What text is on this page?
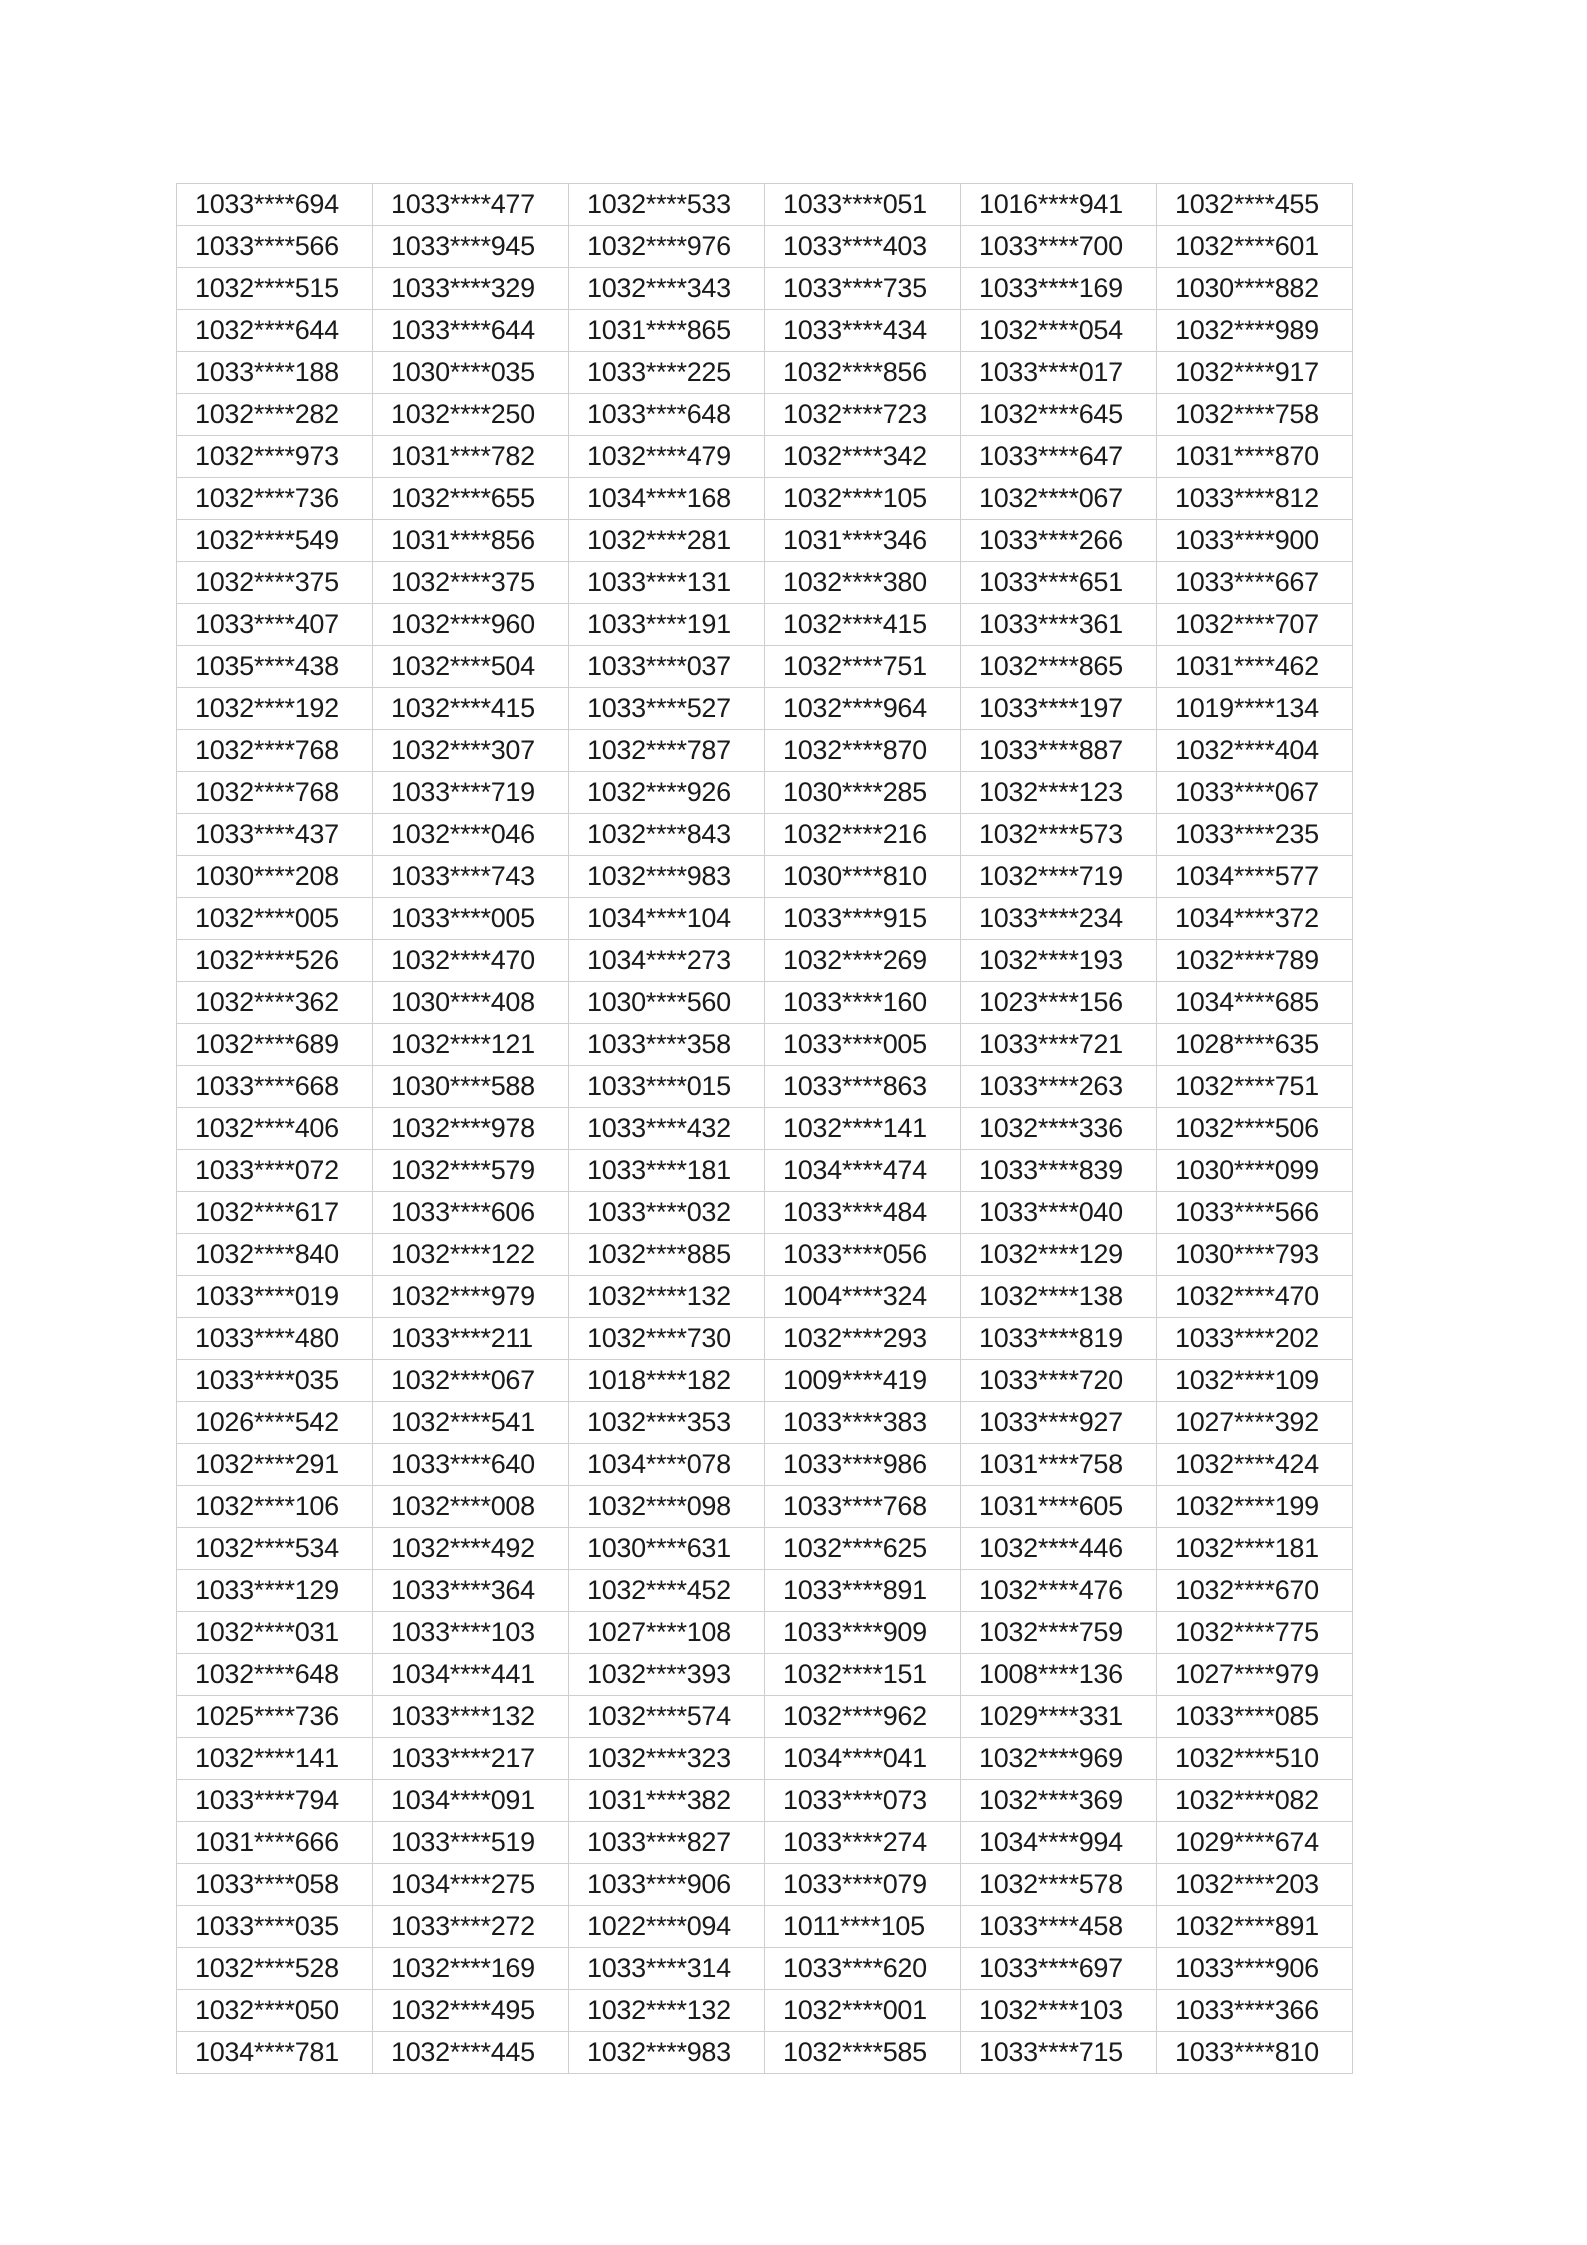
1033****694	1033****477	1032****533	1033****051	1016****941	1032****455
1033****566	1033****945	1032****976	1033****403	1033****700	1032****601
1032****515	1033****329	1032****343	1033****735	1033****169	1030****882
1032****644	1033****644	1031****865	1033****434	1032****054	1032****989
1033****188	1030****035	1033****225	1032****856	1033****017	1032****917
1032****282	1032****250	1033****648	1032****723	1032****645	1032****758
1032****973	1031****782	1032****479	1032****342	1033****647	1031****870
1032****736	1032****655	1034****168	1032****105	1032****067	1033****812
1032****549	1031****856	1032****281	1031****346	1033****266	1033****900
1032****375	1032****375	1033****131	1032****380	1033****651	1033****667
1033****407	1032****960	1033****191	1032****415	1033****361	1032****707
1035****438	1032****504	1033****037	1032****751	1032****865	1031****462
1032****192	1032****415	1033****527	1032****964	1033****197	1019****134
1032****768	1032****307	1032****787	1032****870	1033****887	1032****404
1032****768	1033****719	1032****926	1030****285	1032****123	1033****067
1033****437	1032****046	1032****843	1032****216	1032****573	1033****235
1030****208	1033****743	1032****983	1030****810	1032****719	1034****577
1032****005	1033****005	1034****104	1033****915	1033****234	1034****372
1032****526	1032****470	1034****273	1032****269	1032****193	1032****789
1032****362	1030****408	1030****560	1033****160	1023****156	1034****685
1032****689	1032****121	1033****358	1033****005	1033****721	1028****635
1033****668	1030****588	1033****015	1033****863	1033****263	1032****751
1032****406	1032****978	1033****432	1032****141	1032****336	1032****506
1033****072	1032****579	1033****181	1034****474	1033****839	1030****099
1032****617	1033****606	1033****032	1033****484	1033****040	1033****566
1032****840	1032****122	1032****885	1033****056	1032****129	1030****793
1033****019	1032****979	1032****132	1004****324	1032****138	1032****470
1033****480	1033****211	1032****730	1032****293	1033****819	1033****202
1033****035	1032****067	1018****182	1009****419	1033****720	1032****109
1026****542	1032****541	1032****353	1033****383	1033****927	1027****392
1032****291	1033****640	1034****078	1033****986	1031****758	1032****424
1032****106	1032****008	1032****098	1033****768	1031****605	1032****199
1032****534	1032****492	1030****631	1032****625	1032****446	1032****181
1033****129	1033****364	1032****452	1033****891	1032****476	1032****670
1032****031	1033****103	1027****108	1033****909	1032****759	1032****775
1032****648	1034****441	1032****393	1032****151	1008****136	1027****979
1025****736	1033****132	1032****574	1032****962	1029****331	1033****085
1032****141	1033****217	1032****323	1034****041	1032****969	1032****510
1033****794	1034****091	1031****382	1033****073	1032****369	1032****082
1031****666	1033****519	1033****827	1033****274	1034****994	1029****674
1033****058	1034****275	1033****906	1033****079	1032****578	1032****203
1033****035	1033****272	1022****094	1011****105	1033****458	1032****891
1032****528	1032****169	1033****314	1033****620	1033****697	1033****906
1032****050	1032****495	1032****132	1032****001	1032****103	1033****366
1034****781	1032****445	1032****983	1032****585	1033****715	1033****810
